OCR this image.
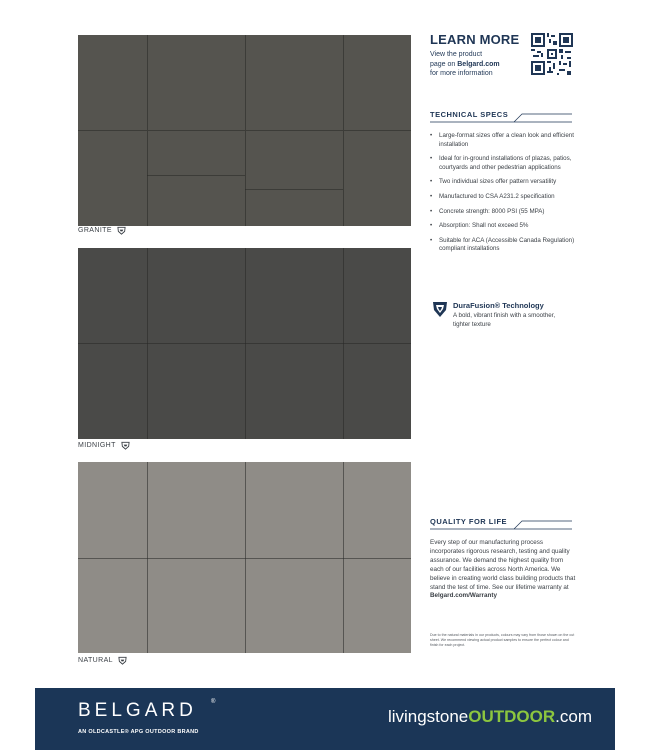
GRANITE
MIDNIGHT
NATURAL
LEARN MORE
View the product
page on Belgard.com
for more information
TECHNICAL SPECS
• Large-format sizes offer a clean look and efficient installation
• Ideal for in-ground installations of plazas, patios, courtyards and other pedestrian applications
• Two individual sizes offer pattern versatility
• Manufactured to CSA A231.2 specification
• Concrete strength: 8000 PSI (55 MPA)
• Absorption: Shall not exceed 5%
• Suitable for ACA (Accessible Canada Regulation) compliant installations
DuraFusion® Technology
A bold, vibrant finish with a smoother, tighter texture
QUALITY FOR LIFE
Every step of our manufacturing process incorporates rigorous research, testing and quality assurance. We demand the highest quality from each of our facilities across North America. We believe in creating world class building products that stand the test of time. See our lifetime warranty at Belgard.com/Warranty
Due to the natural materials in our products, colours may vary from those shown on the cut sheet. We recommend viewing actual product samples to ensure the perfect colour and finish for each project.
BELGARD ®
AN OLDCASTLE® APG OUTDOOR BRAND
livingstoneOUTDOOR.com
